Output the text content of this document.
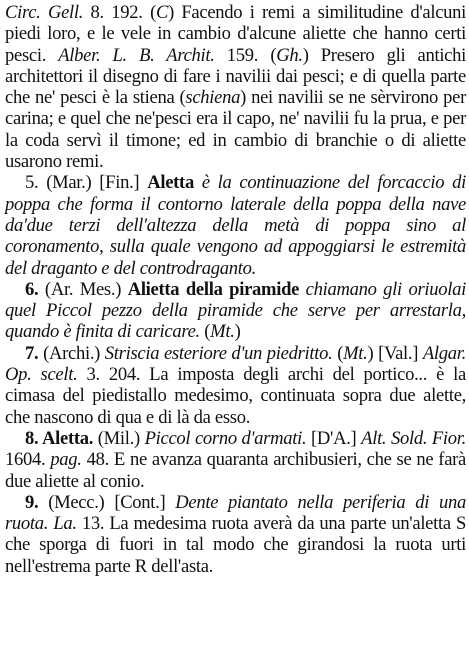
Circ. Gell. 8. 192. (C) Facendo i remi a similitudine d'alcuni piedi loro, e le vele in cambio d'alcune aliette che hanno certi pesci. Alber. L. B. Archit. 159. (Gh.) Presero gli antichi architettori il disegno di fare i navilii dai pesci; e di quella parte che ne' pesci è la stiena (schiena) nei navilii se ne sèrvirono per carina; e quel che ne'pesci era il capo, ne' navilii fu la prua, e per la coda servì il timone; ed in cambio di branchie o di aliette usarono remi.

5. (Mar.) [Fin.] Aletta è la continuazione del forcaccio di poppa che forma il contorno laterale della poppa della nave da'due terzi dell'altezza della metà di poppa sino al coronamento, sulla quale vengono ad appoggiarsi le estremità del draganto e del controdraganto.

6. (Ar. Mes.) Alietta della piramide chiamano gli oriuolai quel Piccol pezzo della piramide che serve per arrestarla, quando è finita di caricare. (Mt.)

7. (Archi.) Striscia esteriore d'un piedritto. (Mt.) [Val.] Algar. Op. scelt. 3. 204. La imposta degli archi del portico... è la cimasa del piedistallo medesimo, continuata sopra due alette, che nascono di qua e di là da esso.

8. Aletta. (Mil.) Piccol corno d'armati. [D'A.] Alt. Sold. Fior. 1604. pag. 48. E ne avanza quaranta archibusieri, che se ne farà due aliette al conio.

9. (Mecc.) [Cont.] Dente piantato nella periferia di una ruota. La. 13. La medesima ruota averà da una parte un'aletta S che sporga di fuori in tal modo che girandosi la ruota urti nell'estrema parte R dell'asta.
